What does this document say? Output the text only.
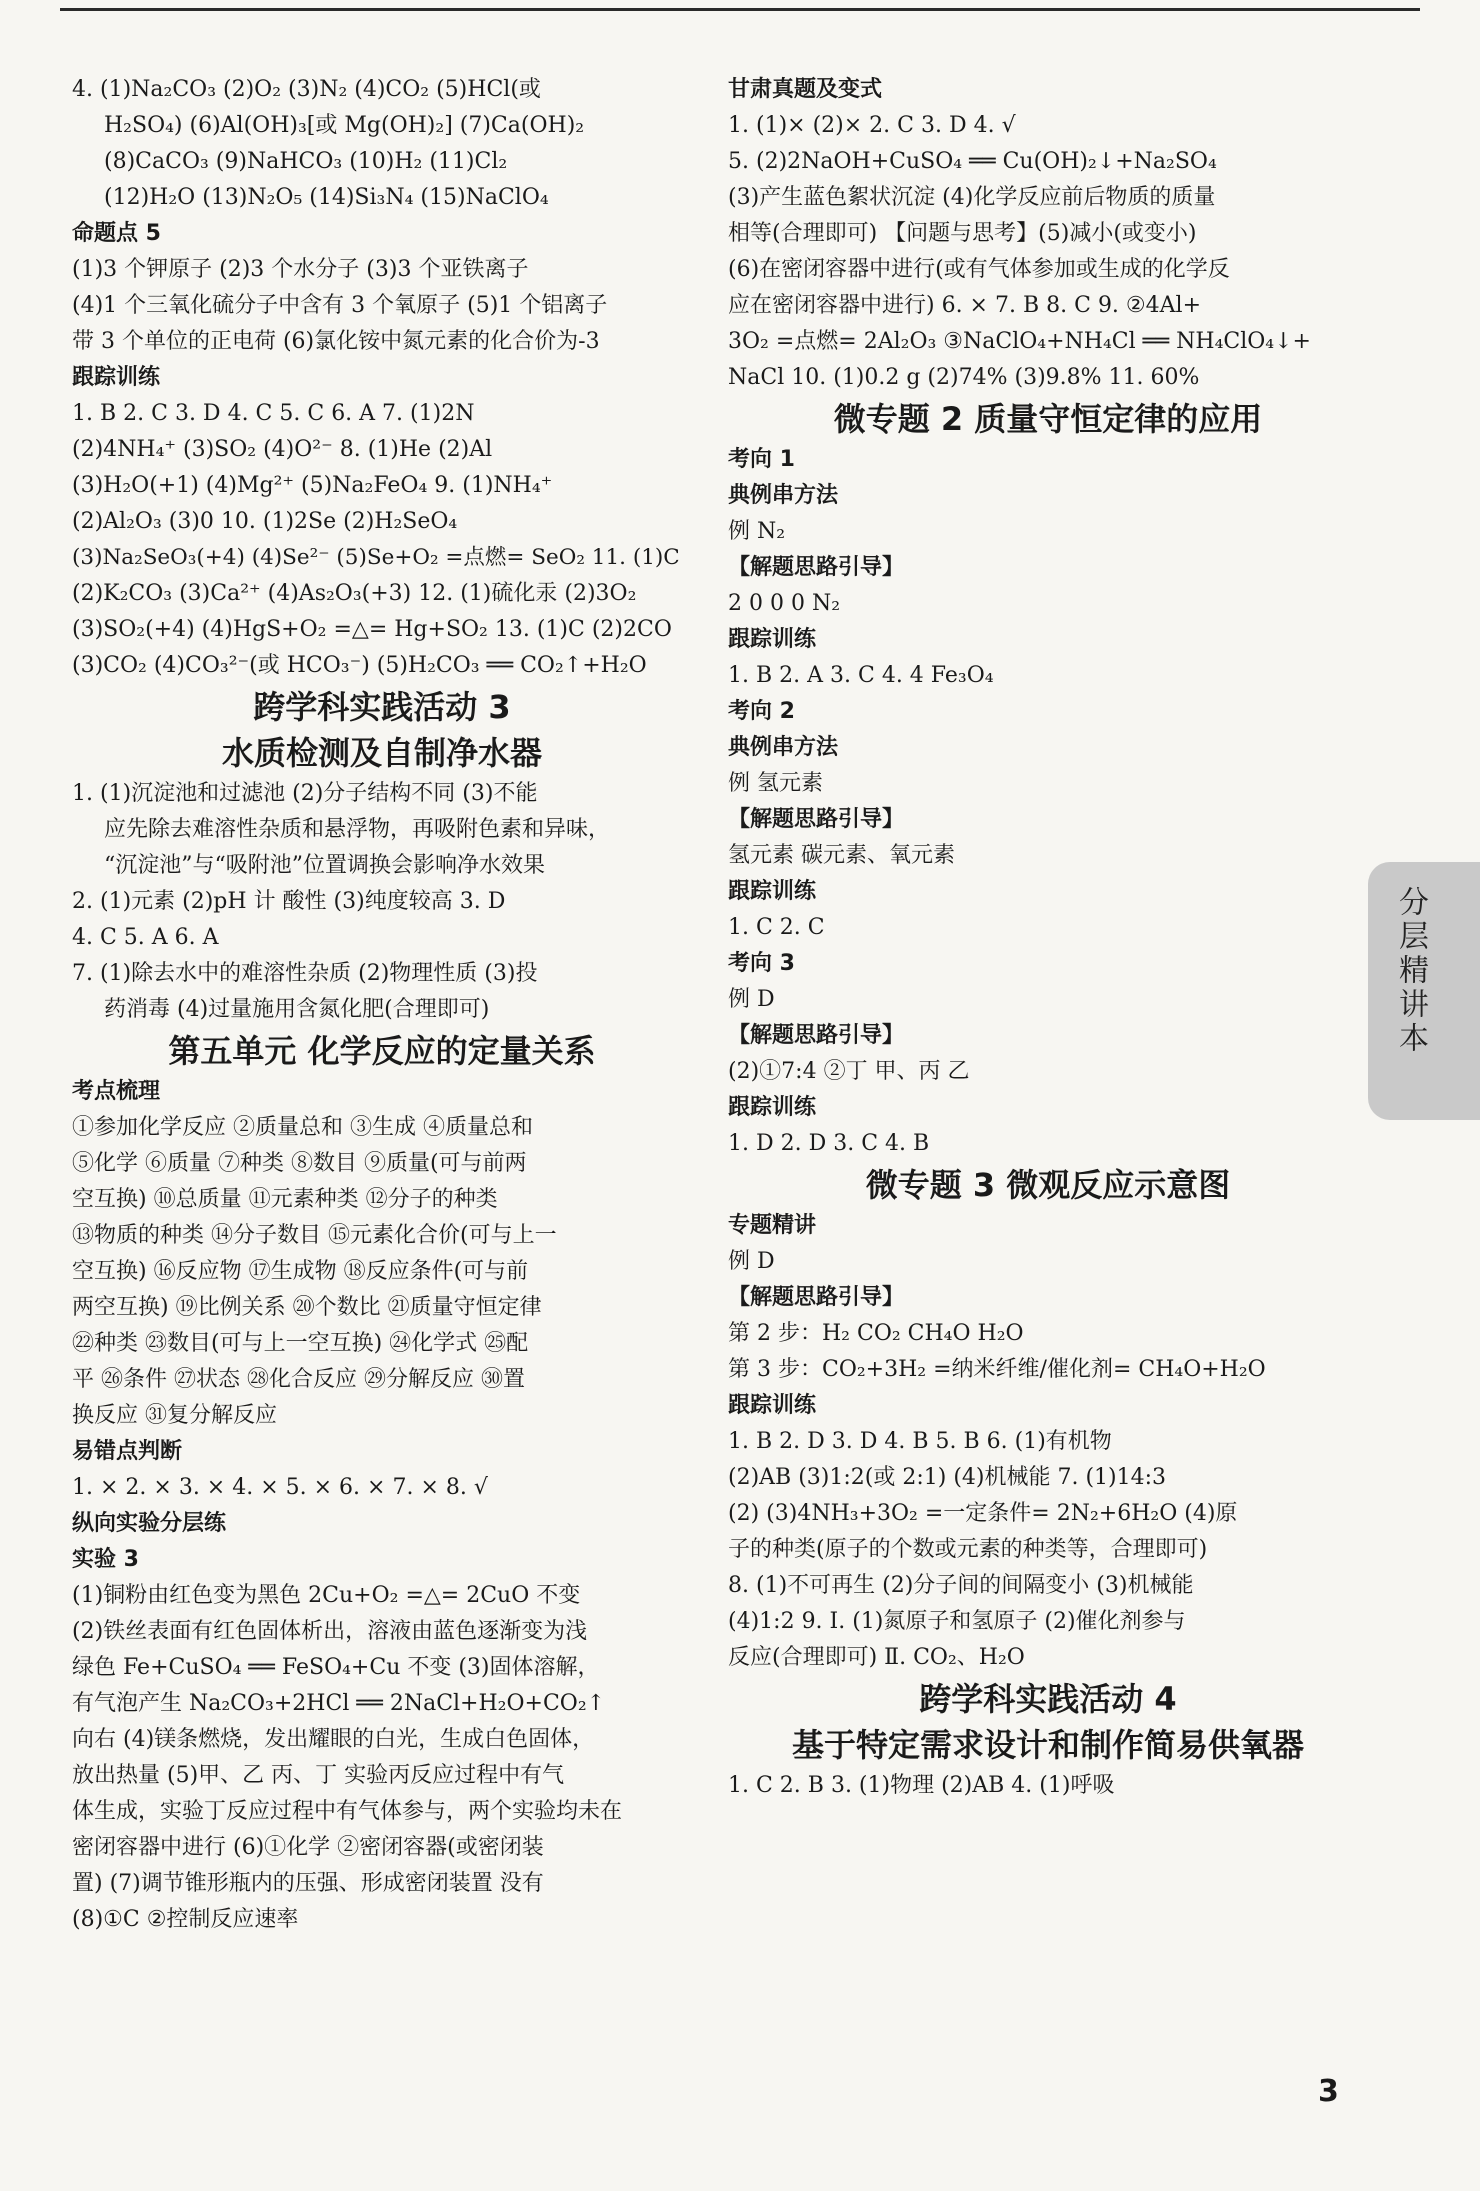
4. (1)Na₂CO₃ (2)O₂ (3)N₂ (4)CO₂ (5)HCl(或
H₂SO₄) (6)Al(OH)₃[或 Mg(OH)₂] (7)Ca(OH)₂
(8)CaCO₃ (9)NaHCO₃ (10)H₂ (11)Cl₂
(12)H₂O (13)N₂O₅ (14)Si₃N₄ (15)NaClO₄
命题点 5
(1)3 个钾原子 (2)3 个水分子 (3)3 个亚铁离子
(4)1 个三氧化硫分子中含有 3 个氧原子 (5)1 个铝离子
带 3 个单位的正电荷 (6)氯化铵中氮元素的化合价为-3
跟踪训练
1. B 2. C 3. D 4. C 5. C 6. A 7. (1)2N
(2)4NH₄⁺ (3)SO₂ (4)O²⁻ 8. (1)He (2)Al
(3)H₂O(+1) (4)Mg²⁺ (5)Na₂FeO₄ 9. (1)NH₄⁺
(2)Al₂O₃ (3)0 10. (1)2Se (2)H₂SeO₄
(3)Na₂SeO₃(+4) (4)Se²⁻ (5)Se+O₂ =点燃= SeO₂ 11. (1)C
(2)K₂CO₃ (3)Ca²⁺ (4)As₂O₃(+3) 12. (1)硫化汞 (2)3O₂
(3)SO₂(+4) (4)HgS+O₂ =△= Hg+SO₂ 13. (1)C (2)2CO
(3)CO₂ (4)CO₃²⁻(或 HCO₃⁻) (5)H₂CO₃ ══ CO₂↑+H₂O
跨学科实践活动 3
水质检测及自制净水器
1. (1)沉淀池和过滤池 (2)分子结构不同 (3)不能
应先除去难溶性杂质和悬浮物，再吸附色素和异味，
“沉淀池”与“吸附池”位置调换会影响净水效果
2. (1)元素 (2)pH 计 酸性 (3)纯度较高 3. D
4. C 5. A 6. A
7. (1)除去水中的难溶性杂质 (2)物理性质 (3)投
药消毒 (4)过量施用含氮化肥(合理即可)
第五单元 化学反应的定量关系
考点梳理
①参加化学反应 ②质量总和 ③生成 ④质量总和
⑤化学 ⑥质量 ⑦种类 ⑧数目 ⑨质量(可与前两
空互换) ⑩总质量 ⑪元素种类 ⑫分子的种类
⑬物质的种类 ⑭分子数目 ⑮元素化合价(可与上一
空互换) ⑯反应物 ⑰生成物 ⑱反应条件(可与前
两空互换) ⑲比例关系 ⑳个数比 ㉑质量守恒定律
㉒种类 ㉓数目(可与上一空互换) ㉔化学式 ㉕配
平 ㉖条件 ㉗状态 ㉘化合反应 ㉙分解反应 ㉚置
换反应 ㉛复分解反应
易错点判断
1. × 2. × 3. × 4. × 5. × 6. × 7. × 8. √
纵向实验分层练
实验 3
(1)铜粉由红色变为黑色 2Cu+O₂ =△= 2CuO 不变
(2)铁丝表面有红色固体析出，溶液由蓝色逐渐变为浅
绿色 Fe+CuSO₄ ══ FeSO₄+Cu 不变 (3)固体溶解，
有气泡产生 Na₂CO₃+2HCl ══ 2NaCl+H₂O+CO₂↑
向右 (4)镁条燃烧，发出耀眼的白光，生成白色固体，
放出热量 (5)甲、乙 丙、丁 实验丙反应过程中有气
体生成，实验丁反应过程中有气体参与，两个实验均未在
密闭容器中进行 (6)①化学 ②密闭容器(或密闭装
置) (7)调节锥形瓶内的压强、形成密闭装置 没有
(8)①C ②控制反应速率
甘肃真题及变式
1. (1)× (2)× 2. C 3. D 4. √
5. (2)2NaOH+CuSO₄ ══ Cu(OH)₂↓+Na₂SO₄
(3)产生蓝色絮状沉淀 (4)化学反应前后物质的质量
相等(合理即可) 【问题与思考】(5)减小(或变小)
(6)在密闭容器中进行(或有气体参加或生成的化学反
应在密闭容器中进行) 6. × 7. B 8. C 9. ②4Al+
3O₂ =点燃= 2Al₂O₃ ③NaClO₄+NH₄Cl ══ NH₄ClO₄↓+
NaCl 10. (1)0.2 g (2)74% (3)9.8% 11. 60%
微专题 2 质量守恒定律的应用
考向 1
典例串方法
例 N₂
【解题思路引导】
2 0 0 0 N₂
跟踪训练
1. B 2. A 3. C 4. 4 Fe₃O₄
考向 2
典例串方法
例 氢元素
【解题思路引导】
氢元素 碳元素、氧元素
跟踪训练
1. C 2. C
考向 3
例 D
【解题思路引导】
(2)①7:4 ②丁 甲、丙 乙
跟踪训练
1. D 2. D 3. C 4. B
微专题 3 微观反应示意图
专题精讲
例 D
【解题思路引导】
第 2 步：H₂ CO₂ CH₄O H₂O
第 3 步：CO₂+3H₂ =纳米纤维/催化剂= CH₄O+H₂O
跟踪训练
1. B 2. D 3. D 4. B 5. B 6. (1)有机物
(2)AB (3)1:2(或 2:1) (4)机械能 7. (1)14:3
(2) (3)4NH₃+3O₂ =一定条件= 2N₂+6H₂O (4)原
子的种类(原子的个数或元素的种类等，合理即可)
8. (1)不可再生 (2)分子间的间隔变小 (3)机械能
(4)1:2 9. Ⅰ. (1)氮原子和氢原子 (2)催化剂参与
反应(合理即可) Ⅱ. CO₂、H₂O
跨学科实践活动 4
基于特定需求设计和制作简易供氧器
1. C 2. B 3. (1)物理 (2)AB 4. (1)呼吸
分层精讲本
3
